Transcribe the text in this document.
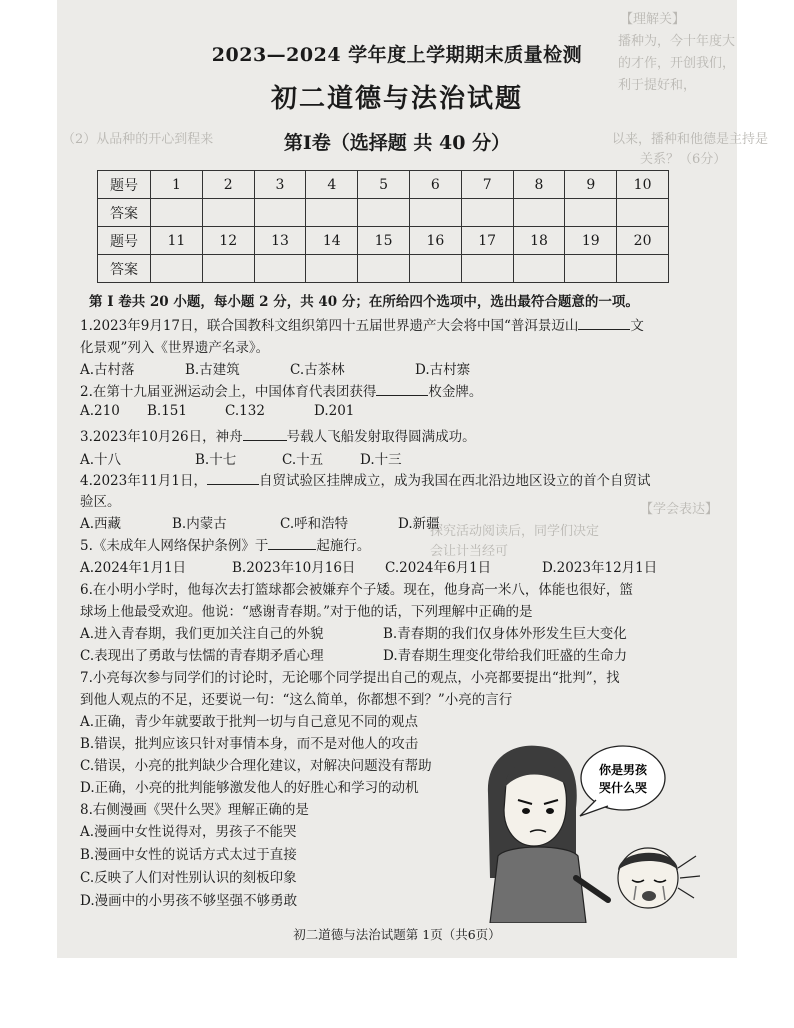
【理解关】
播种为，今十年度大
的才作，开创我们，
利于提好和，
（2）从品种的开心到程来	以来，播种和他德是主持是
关系？（6分）
【学会表达】
探究活动阅读后，同学们决定
会让计当经可
2023—2024 学年度上学期期末质量检测
初二道德与法治试题
第Ⅰ卷（选择题 共 40 分）
题号	1	2	3	4	5	6	7	8	9	10
答案										
题号	11	12	13	14	15	16	17	18	19	20
答案										
第 Ⅰ 卷共 20 小题，每小题 2 分，共 40 分；在所给四个选项中，选出最符合题意的一项。
1.2023年9月17日，联合国教科文组织第四十五届世界遗产大会将中国“普洱景迈山	文
化景观”列入《世界遗产名录》。
A.古村落	B.古建筑	C.古茶林	D.古村寨
2.在第十九届亚洲运动会上，中国体育代表团获得	枚金牌。
A.210 B.151	C.132	D.201
3.2023年10月26日，神舟	号载人飞船发射取得圆满成功。
A.十八	B.十七	C.十五	D.十三
4.2023年11月1日，	自贸试验区挂牌成立，成为我国在西北沿边地区设立的首个自贸试
验区。
A.西藏	B.内蒙古	C.呼和浩特	D.新疆
5.《未成年人网络保护条例》于	起施行。
A.2024年1月1日	B.2023年10月16日 C.2024年6月1日	D.2023年12月1日
6.在小明小学时，他每次去打篮球都会被嫌弃个子矮。现在，他身高一米八，体能也很好，篮
球场上他最受欢迎。他说：“感谢青春期。”对于他的话，下列理解中正确的是
A.进入青春期，我们更加关注自己的外貌	B.青春期的我们仅身体外形发生巨大变化
C.表现出了勇敢与怯懦的青春期矛盾心理	D.青春期生理变化带给我们旺盛的生命力
7.小亮每次参与同学们的讨论时，无论哪个同学提出自己的观点，小亮都要提出“批判”，找
到他人观点的不足，还要说一句：“这么简单，你都想不到？”小亮的言行
A.正确，青少年就要敢于批判一切与自己意见不同的观点
B.错误，批判应该只针对事情本身，而不是对他人的攻击
C.错误，小亮的批判缺少合理化建议，对解决问题没有帮助
D.正确，小亮的批判能够激发他人的好胜心和学习的动机
8.右侧漫画《哭什么哭》理解正确的是
A.漫画中女性说得对，男孩子不能哭
B.漫画中女性的说话方式太过于直接
C.反映了人们对性别认识的刻板印象
D.漫画中的小男孩不够坚强不够勇敢
你是男孩
哭什么哭
初二道德与法治试题第 1页（共6页）
